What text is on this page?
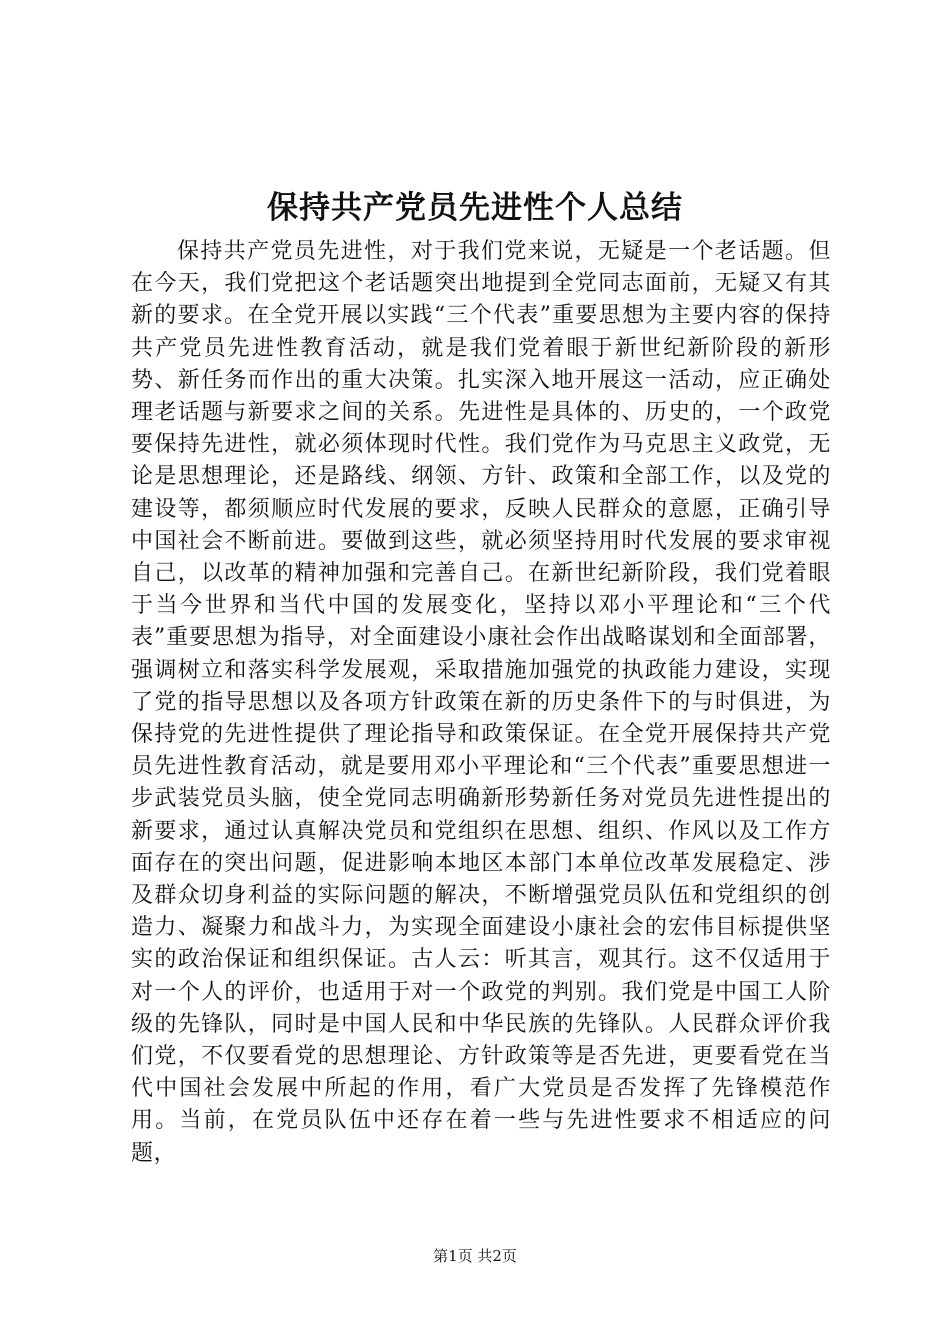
保持共产党员先进性个人总结

保持共产党员先进性，对于我们党来说，无疑是一个老话题。但在今天，我们党把这个老话题突出地提到全党同志面前，无疑又有其新的要求。在全党开展以实践“三个代表”重要思想为主要内容的保持共产党员先进性教育活动，就是我们党着眼于新世纪新阶段的新形势、新任务而作出的重大决策。扎实深入地开展这一活动，应正确处理老话题与新要求之间的关系。先进性是具体的、历史的，一个政党要保持先进性，就必须体现时代性。我们党作为马克思主义政党，无论是思想理论，还是路线、纲领、方针、政策和全部工作，以及党的建设等，都须顺应时代发展的要求，反映人民群众的意愿，正确引导中国社会不断前进。要做到这些，就必须坚持用时代发展的要求审视自己，以改革的精神加强和完善自己。在新世纪新阶段，我们党着眼于当今世界和当代中国的发展变化，坚持以邓小平理论和“三个代表”重要思想为指导，对全面建设小康社会作出战略谋划和全面部署，强调树立和落实科学发展观，采取措施加强党的执政能力建设，实现了党的指导思想以及各项方针政策在新的历史条件下的与时俱进，为保持党的先进性提供了理论指导和政策保证。在全党开展保持共产党员先进性教育活动，就是要用邓小平理论和“三个代表”重要思想进一步武装党员头脑，使全党同志明确新形势新任务对党员先进性提出的新要求，通过认真解决党员和党组织在思想、组织、作风以及工作方面存在的突出问题，促进影响本地区本部门本单位改革发展稳定、涉及群众切身利益的实际问题的解决，不断增强党员队伍和党组织的创造力、凝聚力和战斗力，为实现全面建设小康社会的宏伟目标提供坚实的政治保证和组织保证。古人云：听其言，观其行。这不仅适用于对一个人的评价，也适用于对一个政党的判别。我们党是中国工人阶级的先锋队，同时是中国人民和中华民族的先锋队。人民群众评价我们党，不仅要看党的思想理论、方针政策等是否先进，更要看党在当代中国社会发展中所起的作用，看广大党员是否发挥了先锋模范作用。当前，在党员队伍中还存在着一些与先进性要求不相适应的问题，

第1页 共2页
